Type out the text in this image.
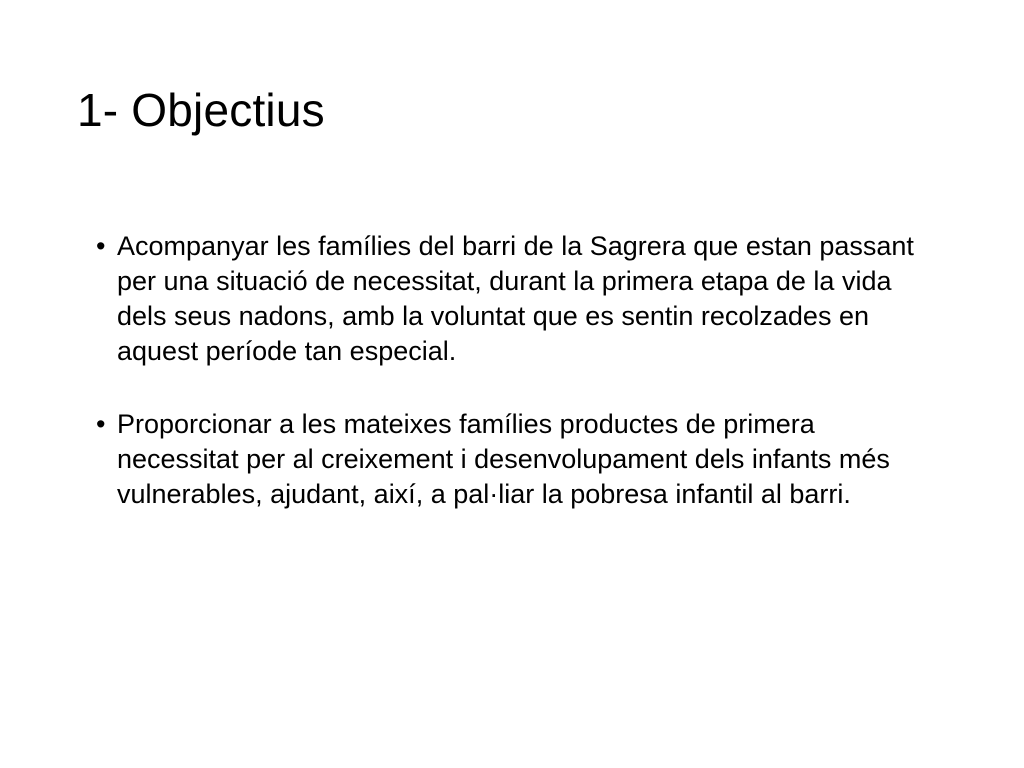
1- Objectius
• Acompanyar les famílies del barri de la Sagrera que estan passant per una situació de necessitat, durant la primera etapa de la vida dels seus nadons, amb la voluntat que es sentin recolzades en aquest període tan especial.
• Proporcionar a les mateixes famílies productes de primera necessitat per al creixement i desenvolupament dels infants més vulnerables, ajudant, així, a pal·liar la pobresa infantil al barri.
